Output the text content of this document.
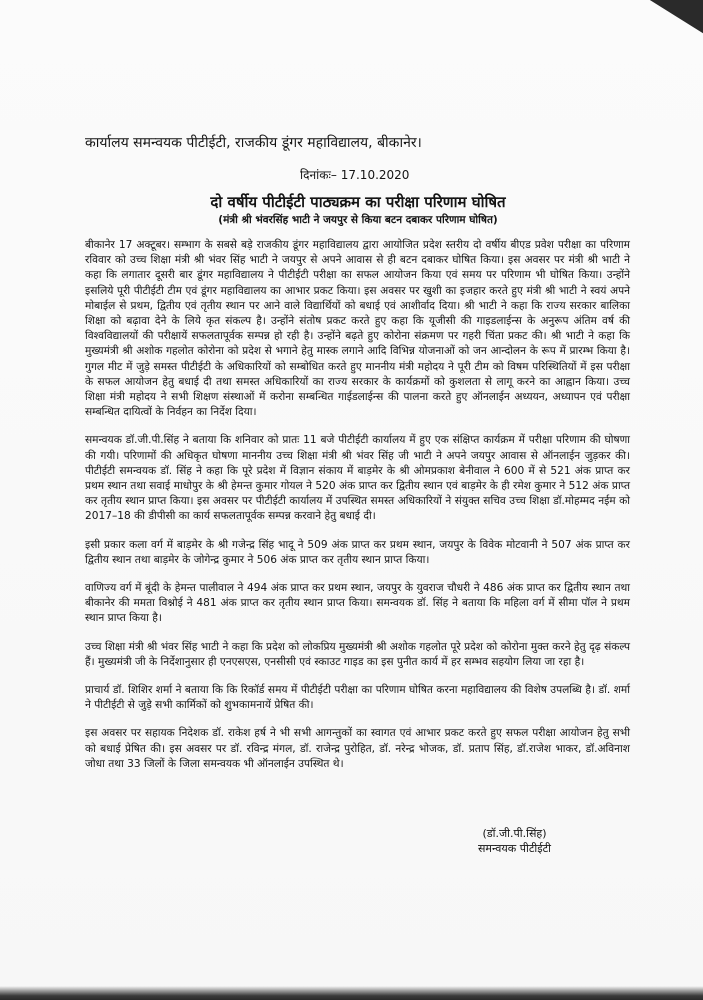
कार्यालय समन्वयक पीटीईटी, राजकीय डूंगर महाविद्यालय, बीकानेर।
दिनांकः– 17.10.2020
दो वर्षीय पीटीईटी पाठ्यक्रम का परीक्षा परिणाम घोषित
(मंत्री श्री भंवरसिंह भाटी ने जयपुर से किया बटन दबाकर परिणाम घोषित)

बीकानेर 17 अक्टूबर। सम्भाग के सबसे बड़े राजकीय डूंगर महाविद्यालय द्वारा आयोजित प्रदेश स्तरीय दो वर्षीय बीएड प्रवेश परीक्षा का परिणाम रविवार को उच्च शिक्षा मंत्री श्री भंवर सिंह भाटी ने जयपुर से अपने आवास से ही बटन दबाकर घोषित किया। इस अवसर पर मंत्री श्री भाटी ने कहा कि लगातार दूसरी बार डूंगर महाविद्यालय ने पीटीईटी परीक्षा का सफल आयोजन किया एवं समय पर परिणाम भी घोषित किया। उन्होंने इसलिये पूरी पीटीईटी टीम एवं डूंगर महाविद्यालय का आभार प्रकट किया। इस अवसर पर खुशी का इजहार करते हुए मंत्री श्री भाटी ने स्वयं अपने मोबाईल से प्रथम, द्वितीय एवं तृतीय स्थान पर आने वाले विद्यार्थियों को बधाई एवं आशीर्वाद दिया। श्री भाटी ने कहा कि राज्य सरकार बालिका शिक्षा को बढ़ावा देने के लिये कृत संकल्प है। उन्होंने संतोष प्रकट करते हुए कहा कि यूजीसी की गाइडलाईन्स के अनुरूप अंतिम वर्ष की विश्वविद्यालयों की परीक्षायें सफलतापूर्वक सम्पन्न हो रही है। उन्होंने बढ़ते हुए कोरोना संक्रमण पर गहरी चिंता प्रकट की। श्री भाटी ने कहा कि मुख्यमंत्री श्री अशोक गहलोत कोरोना को प्रदेश से भगाने हेतु मास्क लगाने आदि विभिन्न योजनाओं को जन आन्दोलन के रूप में प्रारम्भ किया है। गुगल मीट में जुड़े समस्त पीटीईटी के अधिकारियों को सम्बोधित करते हुए माननीय मंत्री महोदय ने पूरी टीम को विषम परिस्थितियों में इस परीक्षा के सफल आयोजन हेतु बधाई दी तथा समस्त अधिकारियों का राज्य सरकार के कार्यक्रमों को कुशलता से लागू करने का आह्वान किया। उच्च शिक्षा मंत्री महोदय ने सभी शिक्षण संस्थाओं में करोना सम्बन्धित गाईडलाईन्स की पालना करते हुए ऑनलाईन अध्ययन, अध्यापन एवं परीक्षा सम्बन्धित दायित्वों के निर्वहन का निर्देश दिया।

समन्वयक डॉ.जी.पी.सिंह ने बताया कि शनिवार को प्रातः 11 बजे पीटीईटी कार्यालय में हुए एक संक्षिप्त कार्यक्रम में परीक्षा परिणाम की घोषणा की गयी। परिणामों की अधिकृत घोषणा माननीय उच्च शिक्षा मंत्री श्री भंवर सिंह जी भाटी ने अपने जयपुर आवास से ऑनलाईन जुड़कर की। पीटीईटी समन्वयक डॉ. सिंह ने कहा कि पूरे प्रदेश में विज्ञान संकाय में बाड़मेर के श्री ओमप्रकाश बेनीवाल ने 600 में से 521 अंक प्राप्त कर प्रथम स्थान तथा सवाई माधोपुर के श्री हेमन्त कुमार गोयल ने 520 अंक प्राप्त कर द्वितीय स्थान एवं बाड़मेर के ही रमेश कुमार ने 512 अंक प्राप्त कर तृतीय स्थान प्राप्त किया। इस अवसर पर पीटीईटी कार्यालय में उपस्थित समस्त अधिकारियों ने संयुक्त सचिव उच्च शिक्षा डॉ.मोहम्मद नईम को 2017–18 की डीपीसी का कार्य सफलतापूर्वक सम्पन्न करवाने हेतु बधाई दी।

इसी प्रकार कला वर्ग में बाड़मेर के श्री गजेन्द्र सिंह भादू ने 509 अंक प्राप्त कर प्रथम स्थान, जयपुर के विवेक मोटवानी ने 507 अंक प्राप्त कर द्वितीय स्थान तथा बाड़मेर के जोगेन्द्र कुमार ने 506 अंक प्राप्त कर तृतीय स्थान प्राप्त किया।

वाणिज्य वर्ग में बूंदी के हेमन्त पालीवाल ने 494 अंक प्राप्त कर प्रथम स्थान, जयपुर के युवराज चौधरी ने 486 अंक प्राप्त कर द्वितीय स्थान तथा बीकानेर की ममता विश्नोई ने 481 अंक प्राप्त कर तृतीय स्थान प्राप्त किया। समन्वयक डॉ. सिंह ने बताया कि महिला वर्ग में सीमा पॉल ने प्रथम स्थान प्राप्त किया है।

उच्च शिक्षा मंत्री श्री भंवर सिंह भाटी ने कहा कि प्रदेश को लोकप्रिय मुख्यमंत्री श्री अशोक गहलोत पूरे प्रदेश को कोरोना मुक्त करने हेतु दृढ़ संकल्प हैं। मुख्यमंत्री जी के निर्देशानुसार ही एनएसएस, एनसीसी एवं स्काउट गाइड का इस पुनीत कार्य में हर सम्भव सहयोग लिया जा रहा है।

प्राचार्य डॉ. शिशिर शर्मा ने बताया कि कि रिकॉर्ड समय में पीटीईटी परीक्षा का परिणाम घोषित करना महाविद्यालय की विशेष उपलब्धि है। डॉ. शर्मा ने पीटीईटी से जुड़े सभी कार्मिकों को शुभकामनायें प्रेषित की।

इस अवसर पर सहायक निदेशक डॉ. राकेश हर्ष ने भी सभी आगन्तुकों का स्वागत एवं आभार प्रकट करते हुए सफल परीक्षा आयोजन हेतु सभी को बधाई प्रेषित की। इस अवसर पर डॉ. रविन्द्र मंगल, डॉ. राजेन्द्र पुरोहित, डॉ. नरेन्द्र भोजक, डॉ. प्रताप सिंह, डॉ.राजेश भाकर, डॉ.अविनाश जोधा तथा 33 जिलों के जिला समन्वयक भी ऑनलाईन उपस्थित थे।

(डॉ.जी.पी.सिंह)
समन्वयक पीटीईटी
